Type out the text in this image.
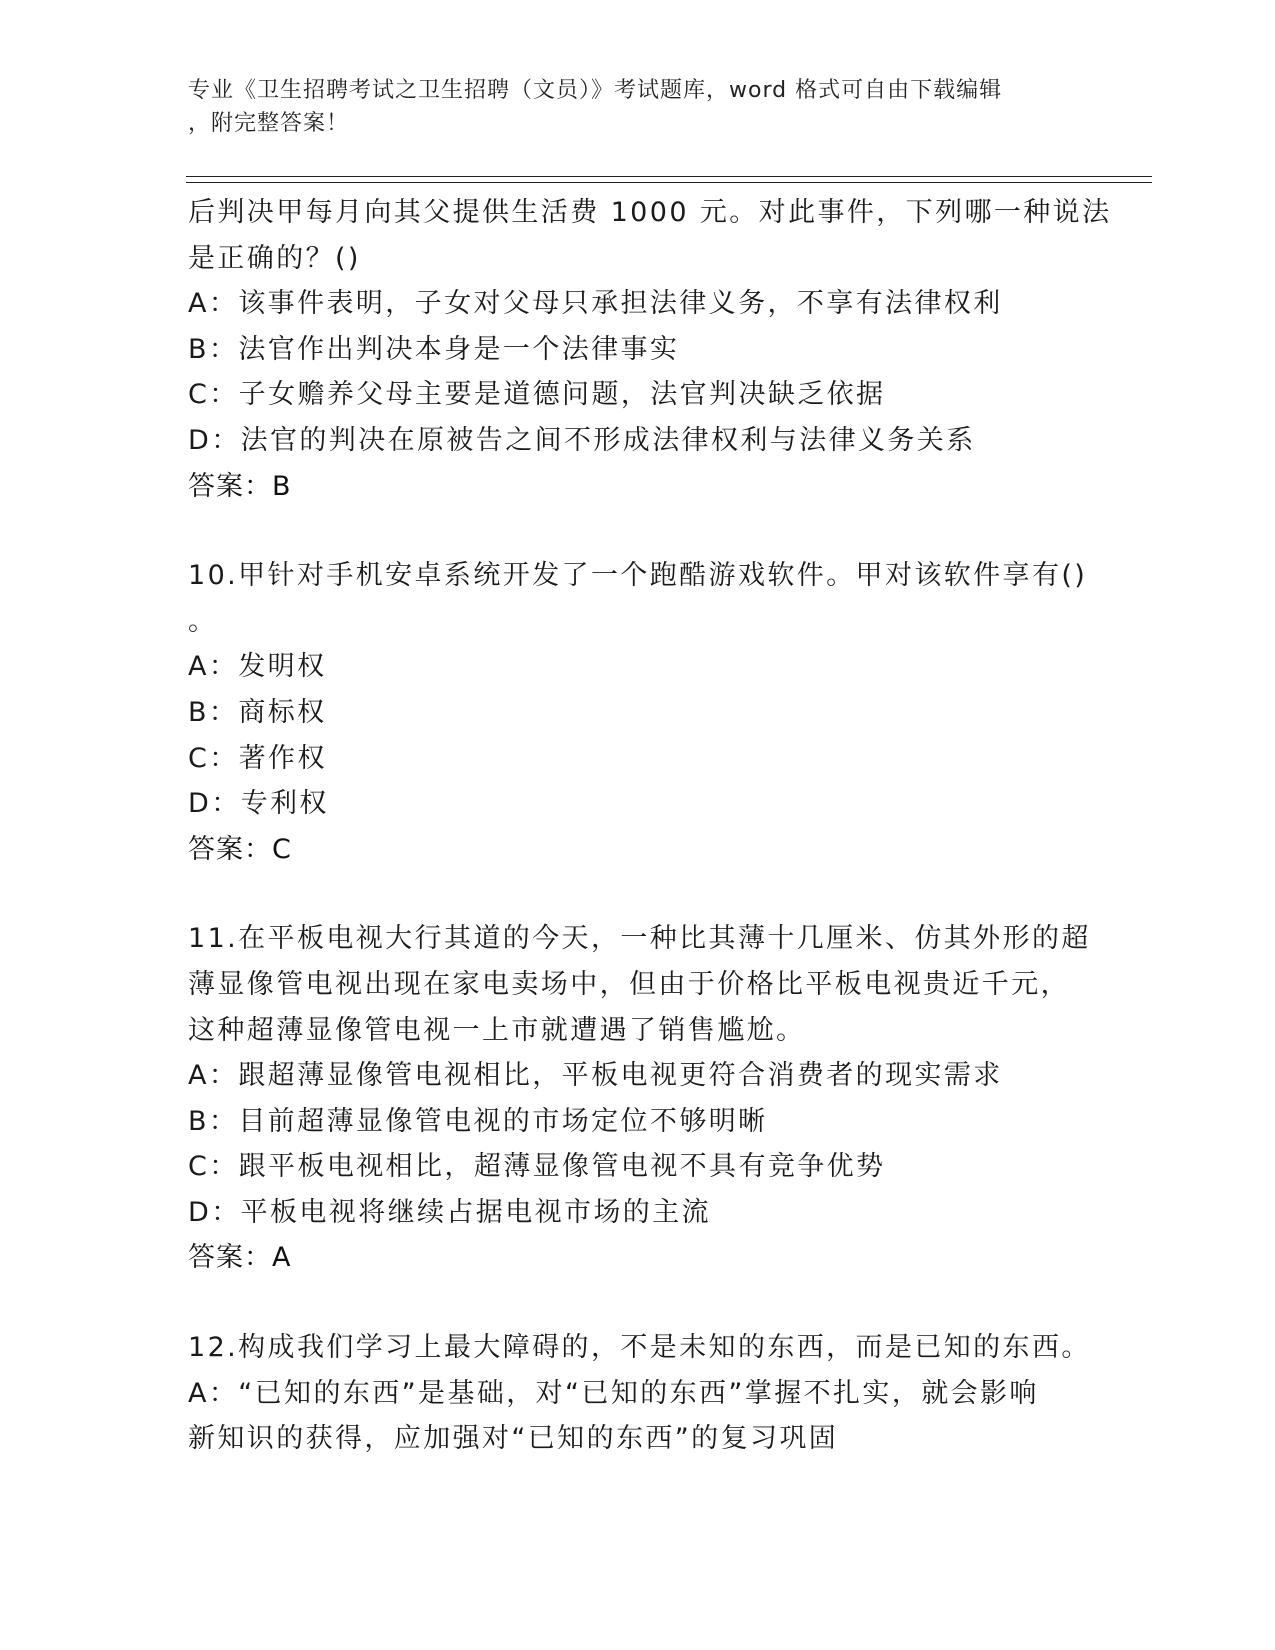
专业《卫生招聘考试之卫生招聘（文员）》考试题库，word 格式可自由下载编辑
，附完整答案！
后判决甲每月向其父提供生活费 1000 元。对此事件，下列哪一种说法
是正确的？()
A：该事件表明，子女对父母只承担法律义务，不享有法律权利
B：法官作出判决本身是一个法律事实
C：子女赡养父母主要是道德问题，法官判决缺乏依据
D：法官的判决在原被告之间不形成法律权利与法律义务关系
答案：B
10.甲针对手机安卓系统开发了一个跑酷游戏软件。甲对该软件享有()
。
A：发明权
B：商标权
C：著作权
D：专利权
答案：C
11.在平板电视大行其道的今天，一种比其薄十几厘米、仿其外形的超
薄显像管电视出现在家电卖场中，但由于价格比平板电视贵近千元，
这种超薄显像管电视一上市就遭遇了销售尴尬。
A：跟超薄显像管电视相比，平板电视更符合消费者的现实需求
B：目前超薄显像管电视的市场定位不够明晰
C：跟平板电视相比，超薄显像管电视不具有竞争优势
D：平板电视将继续占据电视市场的主流
答案：A
12.构成我们学习上最大障碍的，不是未知的东西，而是已知的东西。
A：“已知的东西”是基础，对“已知的东西”掌握不扎实，就会影响
新知识的获得，应加强对“已知的东西”的复习巩固
